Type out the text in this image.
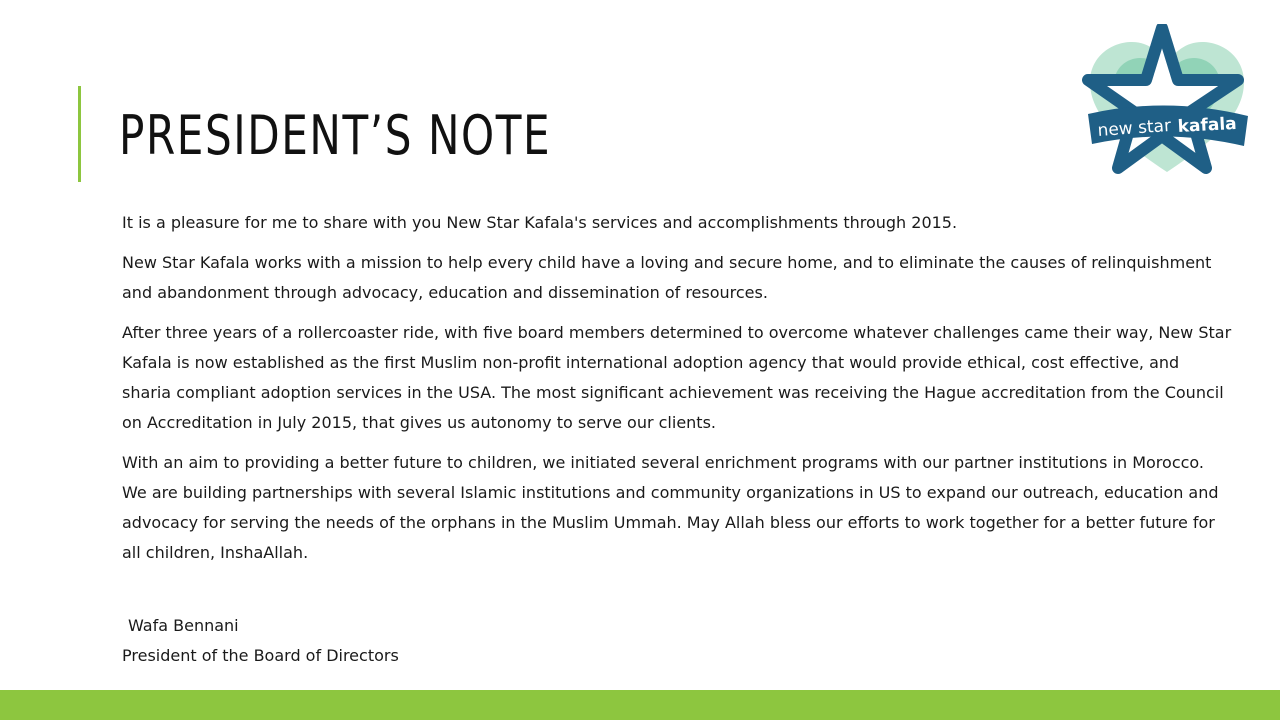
PRESIDENT’S NOTE	new star kafala

It is a pleasure for me to share with you New Star Kafala's services and accomplishments through 2015.

New Star Kafala works with a mission to help every child have a loving and secure home, and to eliminate the causes of relinquishment and abandonment through advocacy, education and dissemination of resources.

After three years of a rollercoaster ride, with five board members determined to overcome whatever challenges came their way, New Star Kafala is now established as the first Muslim non-profit international adoption agency that would provide ethical, cost effective, and sharia compliant adoption services in the USA. The most significant achievement was receiving the Hague accreditation from the Council on Accreditation in July 2015, that gives us autonomy to serve our clients.

With an aim to providing a better future to children, we initiated several enrichment programs with our partner institutions in Morocco. We are building partnerships with several Islamic institutions and community organizations in US to expand our outreach, education and advocacy for serving the needs of the orphans in the Muslim Ummah. May Allah bless our efforts to work together for a better future for all children, InshaAllah.

Wafa Bennani
President of the Board of Directors
